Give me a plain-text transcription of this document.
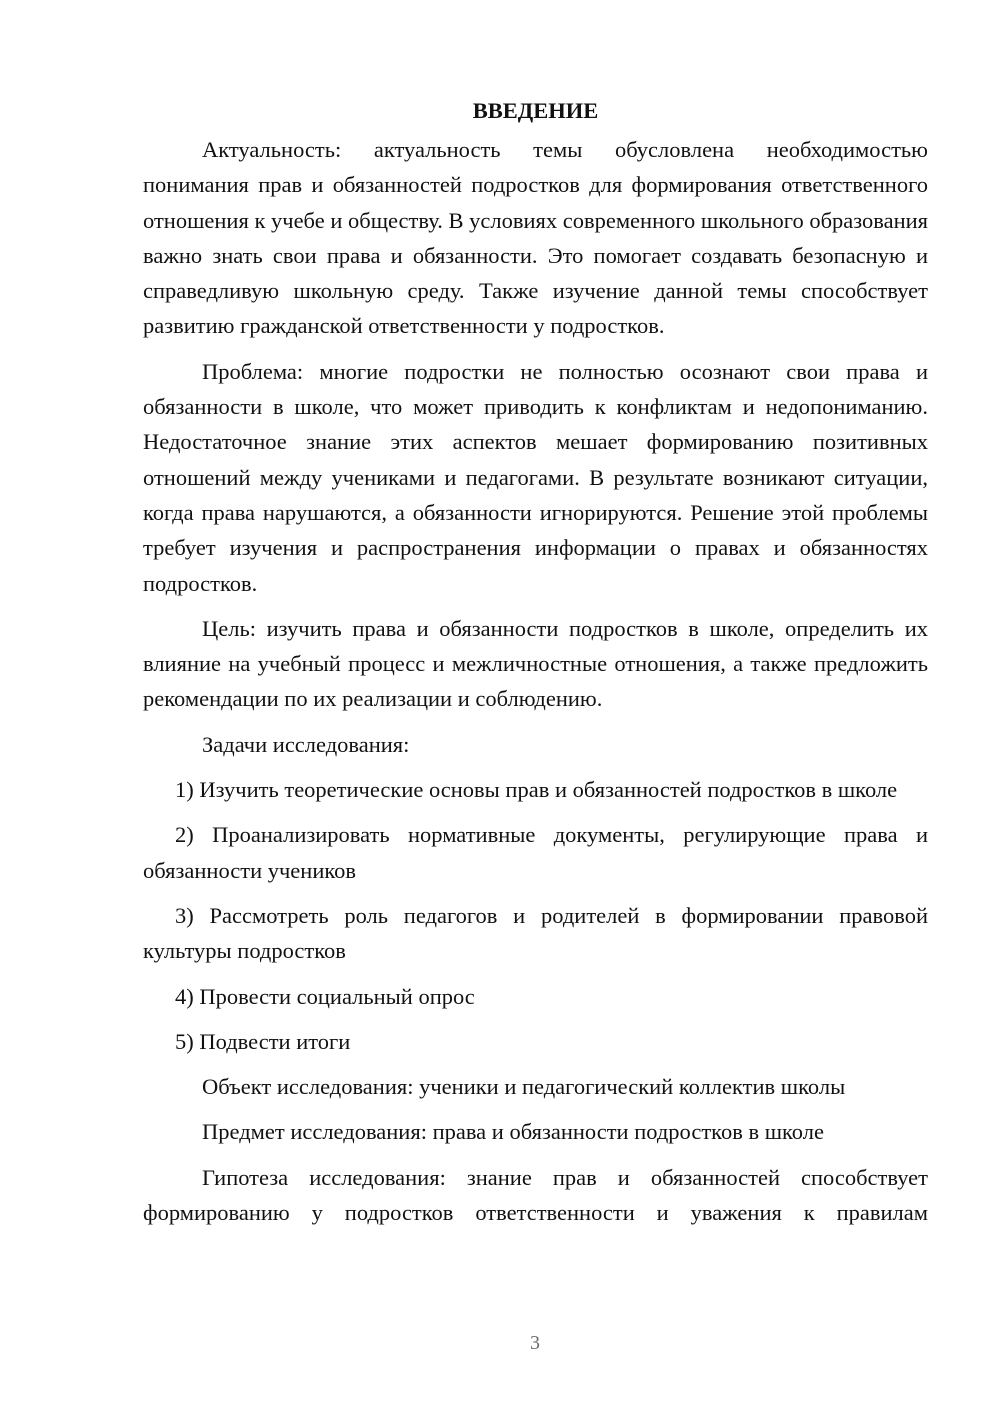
ВВЕДЕНИЕ

Актуальность: актуальность темы обусловлена необходимостью понимания прав и обязанностей подростков для формирования ответственного отношения к учебе и обществу. В условиях современного школьного образования важно знать свои права и обязанности. Это помогает создавать безопасную и справедливую школьную среду. Также изучение данной темы способствует развитию гражданской ответственности у подростков.

Проблема: многие подростки не полностью осознают свои права и обязанности в школе, что может приводить к конфликтам и недопониманию. Недостаточное знание этих аспектов мешает формированию позитивных отношений между учениками и педагогами. В результате возникают ситуации, когда права нарушаются, а обязанности игнорируются. Решение этой проблемы требует изучения и распространения информации о правах и обязанностях подростков.

Цель: изучить права и обязанности подростков в школе, определить их влияние на учебный процесс и межличностные отношения, а также предложить рекомендации по их реализации и соблюдению.

Задачи исследования:

1) Изучить теоретические основы прав и обязанностей подростков в школе

2) Проанализировать нормативные документы, регулирующие права и обязанности учеников

3) Рассмотреть роль педагогов и родителей в формировании правовой культуры подростков

4) Провести социальный опрос

5) Подвести итоги

Объект исследования: ученики и педагогический коллектив школы

Предмет исследования: права и обязанности подростков в школе

Гипотеза исследования: знание прав и обязанностей способствует формированию у подростков ответственности и уважения к правилам

3
